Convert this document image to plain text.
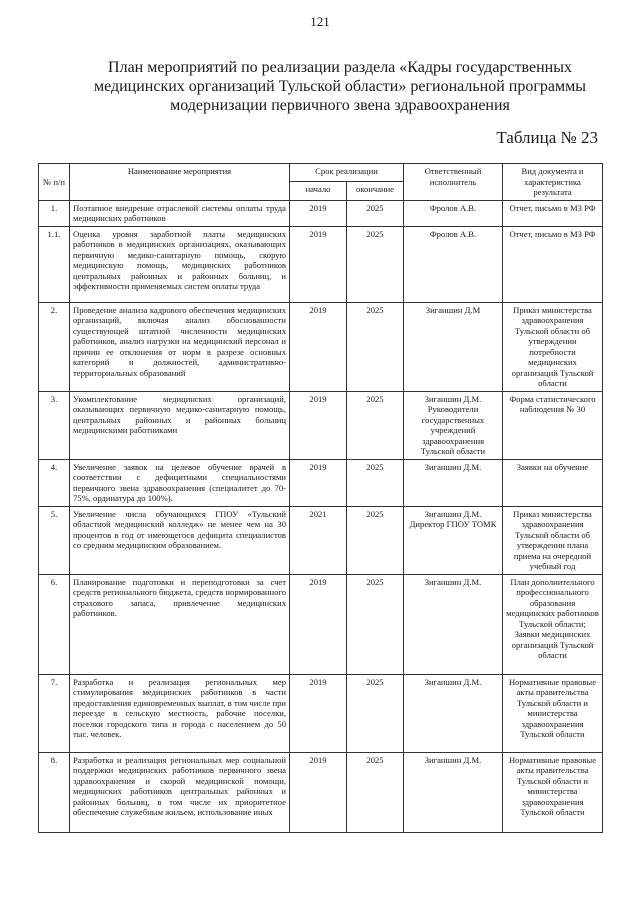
121
План мероприятий по реализации раздела «Кадры государственных
медицинских организаций Тульской области» региональной программы
модернизации первичного звена здравоохранения
Таблица № 23
№ п/п	Наименование мероприятия	Срок реализации		Ответственный исполнитель	Вид документа и характеристика результата
		начало	окончание		
1.	Поэтапное внедрение отраслевой системы оплаты труда медицинских работников	2019	2025	Фролов А.В.	Отчет, письмо в МЗ РФ
1.1.	Оценка уровня заработной платы медицинских работников в медицинских организациях, оказывающих первичную медико-санитарную помощь, скорую медицинскую помощь, медицинских работников центральных районных и районных больниц, и эффективности применяемых систем оплаты труда	2019	2025	Фролов А.В.	Отчет, письмо в МЗ РФ
2.	Проведение анализа кадрового обеспечения медицинских организаций, включая анализ обоснованности существующей штатной численности медицинских работников, анализ нагрузки на медицинский персонал и причин ее отклонения от норм в разрезе основных категорий и должностей, административно-территориальных образований	2019	2025	Зиганшин Д.М	Приказ министерства здравоохранения Тульской области об утверждении потребности медицинских организаций Тульской области
3.	Укомплектование медицинских организаций, оказывающих первичную медико-санитарную помощь, центральных районных и районных больниц медицинскими работниками	2019	2025	Зиганшин Д.М. Руководители государственных учреждений здравоохранения Тульской области	Форма статистического наблюдения № 30
4.	Увеличение заявок на целевое обучение врачей в соответствии с дефицитными специальностями первичного звена здравоохранения (специалитет до 70-75%, ординатура до 100%).	2019	2025	Зиганшин Д.М.	Заявки на обучение
5.	Увеличение числа обучающихся ГПОУ «Тульский областной медицинский колледж» не менее чем на 30 процентов в год от имеющегося дефицита специалистов со средним медицинским образованием.	2021	2025	Зиганшин Д.М. Директор ГПОУ ТОМК	Приказ министерства здравоохранения Тульской области об утверждении плана приема на очередной учебный год
6.	Планирование подготовки и переподготовки за счет средств регионального бюджета, средств нормированного страхового запаса, привлечение медицинских работников.	2019	2025	Зиганшин Д.М.	План дополнительного профессионального образования медицинских работников Тульской области; Заявки медицинских организаций Тульской области
7.	Разработка и реализация региональных мер стимулирования медицинских работников в части предоставления единовременных выплат, в том числе при переезде в сельскую местность, рабочие поселки, поселки городского типа и города с населением до 50 тыс. человек.	2019	2025	Зиганшин Д.М.	Нормативные правовые акты правительства Тульской области и министерства здравоохранения Тульской области
8.	Разработка и реализация региональных мер социальной поддержки медицинских работников первичного звена здравоохранения и скорой медицинской помощи, медицинских работников центральных районных и районных больниц, в том числе их приоритетное обеспечение служебным жильем, использование иных	2019	2025	Зиганшин Д.М.	Нормативные правовые акты правительства Тульской области и министерства здравоохранения Тульской области
